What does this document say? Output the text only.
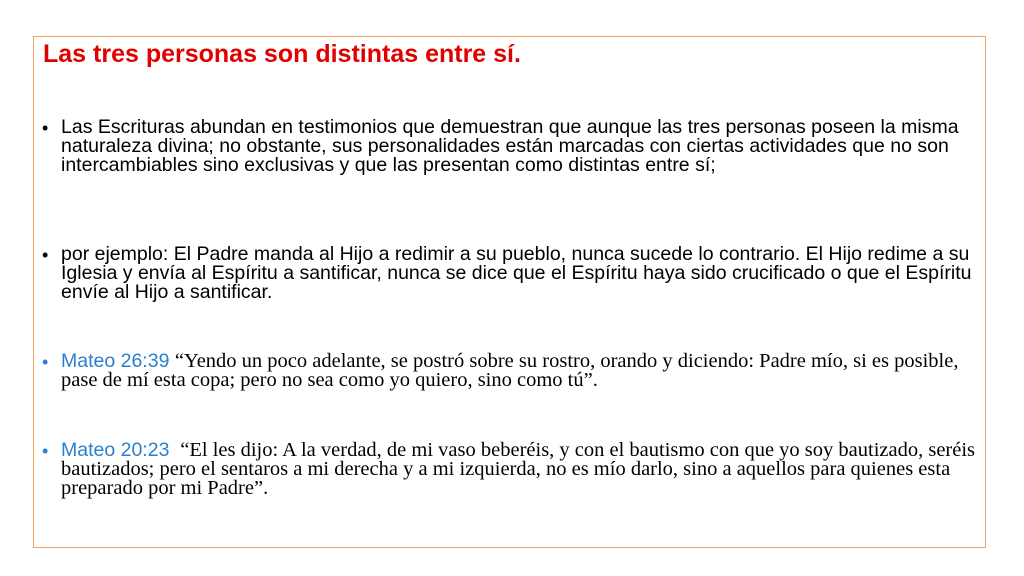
Las tres personas son distintas entre sí.
• Las Escrituras abundan en testimonios que demuestran que aunque las tres personas poseen la misma naturaleza divina; no obstante, sus personalidades están marcadas con ciertas actividades que no son intercambiables sino exclusivas y que las presentan como distintas entre sí;
• por ejemplo: El Padre manda al Hijo a redimir a su pueblo, nunca sucede lo contrario. El Hijo redime a su Iglesia y envía al Espíritu a santificar, nunca se dice que el Espíritu haya sido crucificado o que el Espíritu envíe al Hijo a santificar.
• Mateo 26:39 “Yendo un poco adelante, se postró sobre su rostro, orando y diciendo: Padre mío, si es posible, pase de mí esta copa; pero no sea como yo quiero, sino como tú”.
• Mateo 20:23 “El les dijo: A la verdad, de mi vaso beberéis, y con el bautismo con que yo soy bautizado, seréis bautizados; pero el sentaros a mi derecha y a mi izquierda, no es mío darlo, sino a aquellos para quienes esta preparado por mi Padre”.
